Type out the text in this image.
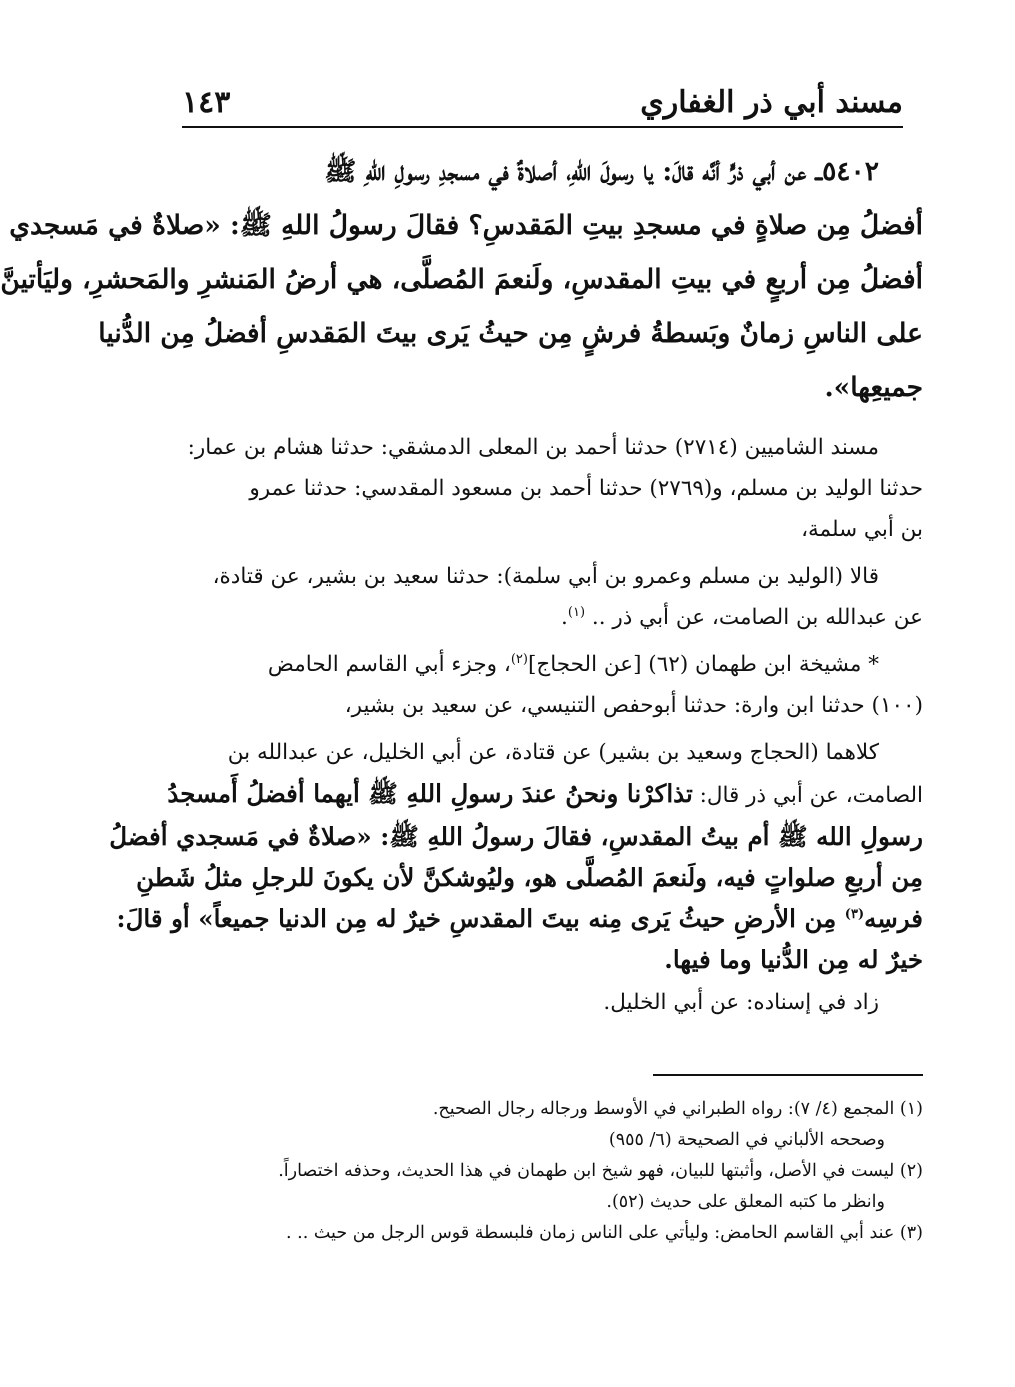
مسند أبي ذر الغفاري
١٤٣
٥٤٠٢ــ عن أبي ذرٍّ أنَّه قالَ: يا رسولَ اللهِ، أصلاةٌ في مسجدِ رسولِ اللهِ ﷺ
أفضلُ مِن صلاةٍ في مسجدِ بيتِ المَقدسِ؟ فقالَ رسولُ اللهِ ﷺ: «صلاةٌ في مَسجدي
أفضلُ مِن أربعٍ في بيتِ المقدسِ، ولَنعمَ المُصلَّى، هي أرضُ المَنشرِ والمَحشرِ، وليَأتينَّ
على الناسِ زمانٌ وبَسطةُ فرشٍ مِن حيثُ يَرى بيتَ المَقدسِ أفضلُ مِن الدُّنيا
جميعِها».
مسند الشاميين (٢٧١٤) حدثنا أحمد بن المعلى الدمشقي: حدثنا هشام بن عمار:
حدثنا الوليد بن مسلم، و(٢٧٦٩) حدثنا أحمد بن مسعود المقدسي: حدثنا عمرو
بن أبي سلمة،
قالا (الوليد بن مسلم وعمرو بن أبي سلمة): حدثنا سعيد بن بشير، عن قتادة،
عن عبدالله بن الصامت، عن أبي ذر .. $^{(١)}$.
* مشيخة ابن طهمان (٦٢) [عن الحجاج]$^{(٢)}$، وجزء أبي القاسم الحامض
(١٠٠) حدثنا ابن وارة: حدثنا أبوحفص التنيسي، عن سعيد بن بشير،
كلاهما (الحجاج وسعيد بن بشير) عن قتادة، عن أبي الخليل، عن عبدالله بن
الصامت، عن أبي ذر قال: تذاكرْنا ونحنُ عندَ رسولِ اللهِ ﷺ أيهما أفضلُ أَمسجدُ
رسولِ الله ﷺ أم بيتُ المقدسِ، فقالَ رسولُ اللهِ ﷺ: «صلاةٌ في مَسجدي أفضلُ
مِن أربعِ صلواتٍ فيه، ولَنعمَ المُصلَّى هو، وليُوشكنَّ لأن يكونَ للرجلِ مثلُ شَطنِ
فرسِه$^{(٣)}$ مِن الأرضِ حيثُ يَرى مِنه بيتَ المقدسِ خيرٌ له مِن الدنيا جميعاً» أو قالَ:
خيرٌ له مِن الدُّنيا وما فيها.
زاد في إسناده: عن أبي الخليل.
(١) المجمع (٤/ ٧): رواه الطبراني في الأوسط ورجاله رجال الصحيح.
وصححه الألباني في الصحيحة (٦/ ٩٥٥)
(٢) ليست في الأصل، وأثبتها للبيان، فهو شيخ ابن طهمان في هذا الحديث، وحذفه اختصاراً.
وانظر ما كتبه المعلق على حديث (٥٢).
(٣) عند أبي القاسم الحامض: وليأتي على الناس زمان فلبسطة قوس الرجل من حيث .. .
